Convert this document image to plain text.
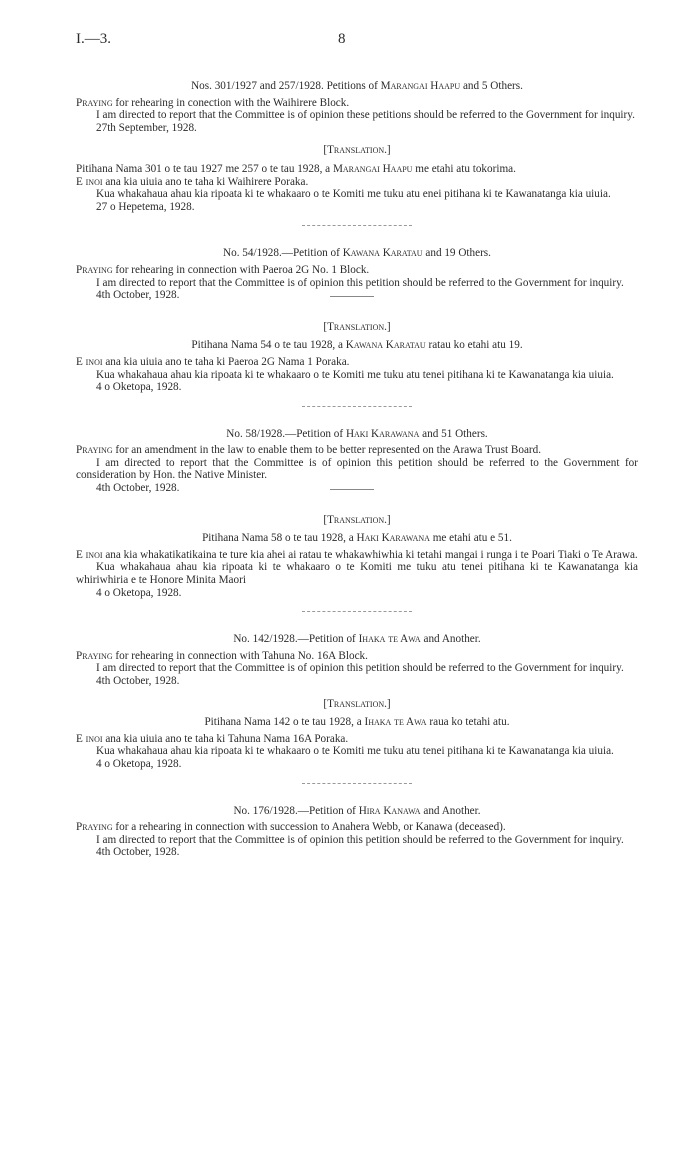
I.—3.	8

Nos. 301/1927 and 257/1928. Petitions of Marangai Haapu and 5 Others.

Praying for rehearing in conection with the Waihirere Block.

I am directed to report that the Committee is of opinion these petitions should be referred to the Government for inquiry.

27th September, 1928.

[Translation.]

Pitihana Nama 301 o te tau 1927 me 257 o te tau 1928, a Marangai Haapu me etahi atu tokorima.

E inoi ana kia uiuia ano te taha ki Waihirere Poraka.

Kua whakahaua ahau kia ripoata ki te whakaaro o te Komiti me tuku atu enei pitihana ki te Kawanatanga kia uiuia.

27 o Hepetema, 1928.

No. 54/1928.—Petition of Kawana Karatau and 19 Others.

Praying for rehearing in connection with Paeroa 2G No. 1 Block.

I am directed to report that the Committee is of opinion this petition should be referred to the Government for inquiry.

4th October, 1928.

[Translation.]

Pitihana Nama 54 o te tau 1928, a Kawana Karatau ratau ko etahi atu 19.

E inoi ana kia uiuia ano te taha ki Paeroa 2G Nama 1 Poraka.

Kua whakahaua ahau kia ripoata ki te whakaaro o te Komiti me tuku atu tenei pitihana ki te Kawanatanga kia uiuia.

4 o Oketopa, 1928.

No. 58/1928.—Petition of Haki Karawana and 51 Others.

Praying for an amendment in the law to enable them to be better represented on the Arawa Trust Board.

I am directed to report that the Committee is of opinion this petition should be referred to the Government for consideration by Hon. the Native Minister.

4th October, 1928.

[Translation.]

Pitihana Nama 58 o te tau 1928, a Haki Karawana me etahi atu e 51.

E inoi ana kia whakatikatikaina te ture kia ahei ai ratau te whakawhiwhia ki tetahi mangai i runga i te Poari Tiaki o Te Arawa.

Kua whakahaua ahau kia ripoata ki te whakaaro o te Komiti me tuku atu tenei pitihana ki te Kawanatanga kia whiriwhiria e te Honore Minita Maori

4 o Oketopa, 1928.

No. 142/1928.—Petition of Ihaka te Awa and Another.

Praying for rehearing in connection with Tahuna No. 16A Block.

I am directed to report that the Committee is of opinion this petition should be referred to the Government for inquiry.

4th October, 1928.

[Translation.]

Pitihana Nama 142 o te tau 1928, a Ihaka te Awa raua ko tetahi atu.

E inoi ana kia uiuia ano te taha ki Tahuna Nama 16A Poraka.

Kua whakahaua ahau kia ripoata ki te whakaaro o te Komiti me tuku atu tenei pitihana ki te Kawanatanga kia uiuia.

4 o Oketopa, 1928.

No. 176/1928.—Petition of Hira Kanawa and Another.

Praying for a rehearing in connection with succession to Anahera Webb, or Kanawa (deceased).

I am directed to report that the Committee is of opinion this petition should be referred to the Government for inquiry.

4th October, 1928.
